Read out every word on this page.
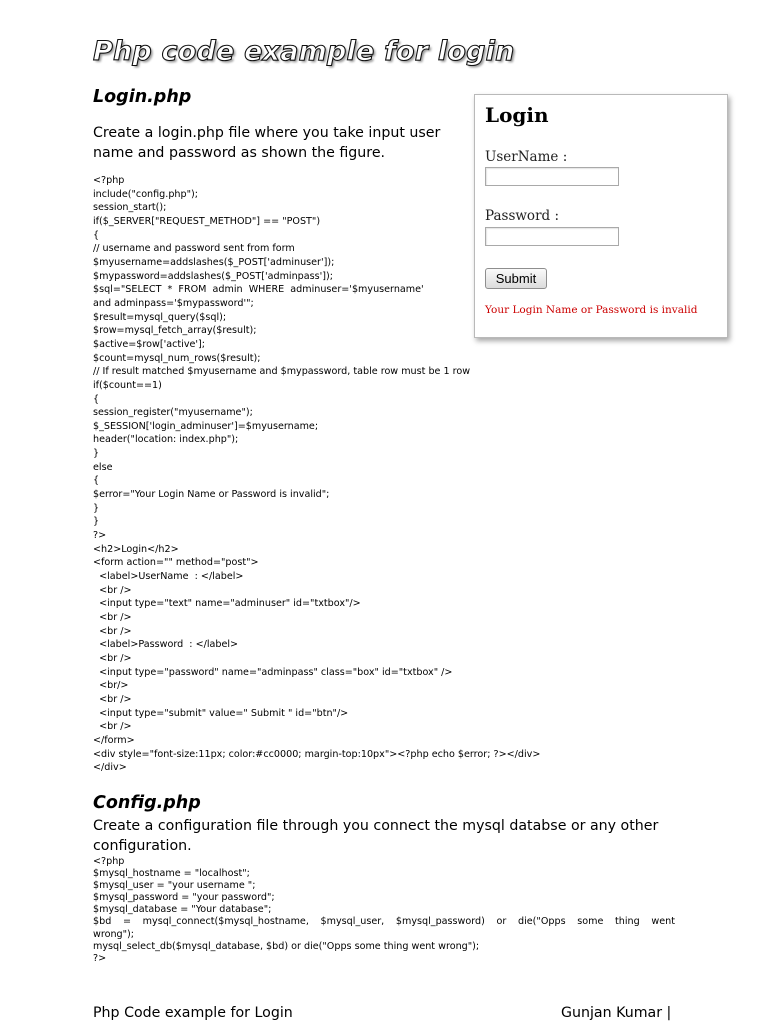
Php code example for login
Login.php
Create a login.php file where you take input user
name and password as shown the figure.
<?php
include("config.php");
session_start();
if($_SERVER["REQUEST_METHOD"] == "POST")
{
// username and password sent from form
$myusername=addslashes($_POST['adminuser']);
$mypassword=addslashes($_POST['adminpass']);
$sql="SELECT  *  FROM  admin  WHERE  adminuser='$myusername'
and adminpass='$mypassword'";
$result=mysql_query($sql);
$row=mysql_fetch_array($result);
$active=$row['active'];
$count=mysql_num_rows($result);
// If result matched $myusername and $mypassword, table row must be 1 row
if($count==1)
{
session_register("myusername");
$_SESSION['login_adminuser']=$myusername;
header("location: index.php");
}
else
{
$error="Your Login Name or Password is invalid";
}
}
?>
<h2>Login</h2>
<form action="" method="post">
<label>UserName  : </label>
<br />
<input type="text" name="adminuser" id="txtbox"/>
<br />
<br />
<label>Password  : </label>
<br />
<input type="password" name="adminpass" class="box" id="txtbox" />
<br/>
<br />
<input type="submit" value=" Submit " id="btn"/>
<br />
</form>
<div style="font-size:11px; color:#cc0000; margin-top:10px"><?php echo $error; ?></div>
</div>
Login
UserName :
Password :
Submit
Your Login Name or Password is invalid
Config.php
Create a configuration file through you connect the mysql databse or any other
configuration.
<?php
$mysql_hostname = "localhost";
$mysql_user = "your username ";
$mysql_password = "your password";
$mysql_database = "Your database";
$bd = mysql_connect($mysql_hostname, $mysql_user, $mysql_password) or die("Opps some thing went
wrong");
mysql_select_db($mysql_database, $bd) or die("Opps some thing went wrong");
?>

Php Code example for Login	Gunjan Kumar |
